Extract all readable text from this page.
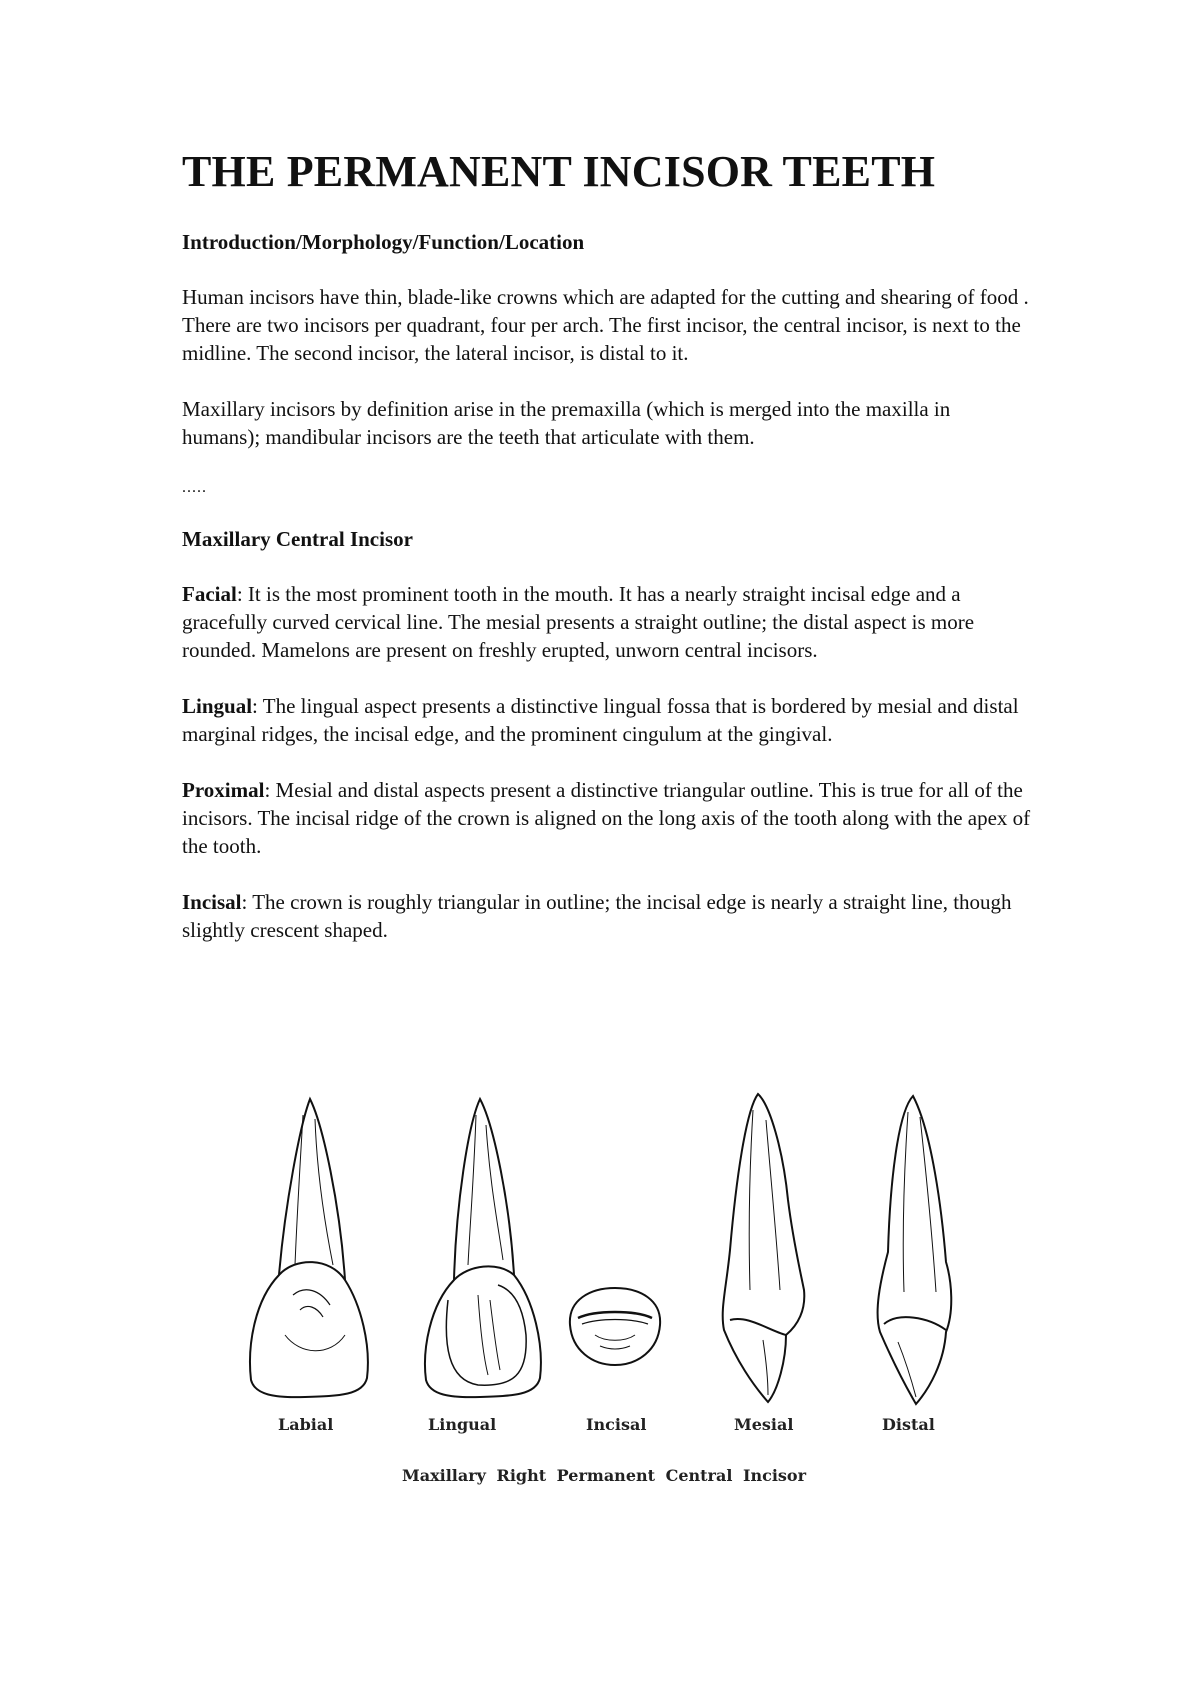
THE PERMANENT INCISOR TEETH
Introduction/Morphology/Function/Location

Human incisors have thin, blade-like crowns which are adapted for the cutting and shearing of food . There are two incisors per quadrant, four per arch. The first incisor, the central incisor, is next to the midline. The second incisor, the lateral incisor, is distal to it.

Maxillary incisors by definition arise in the premaxilla (which is merged into the maxilla in humans); mandibular incisors are the teeth that articulate with them.

.....
Maxillary Central Incisor

Facial: It is the most prominent tooth in the mouth. It has a nearly straight incisal edge and a gracefully curved cervical line. The mesial presents a straight outline; the distal aspect is more rounded. Mamelons are present on freshly erupted, unworn central incisors.

Lingual: The lingual aspect presents a distinctive lingual fossa that is bordered by mesial and distal marginal ridges, the incisal edge, and the prominent cingulum at the gingival.

Proximal: Mesial and distal aspects present a distinctive triangular outline. This is true for all of the incisors. The incisal ridge of the crown is aligned on the long axis of the tooth along with the apex of the tooth.

Incisal: The crown is roughly triangular in outline; the incisal edge is nearly a straight line, though slightly crescent shaped.

Labial	Lingual	Incisal	Mesial	Distal
Maxillary Right Permanent Central Incisor
